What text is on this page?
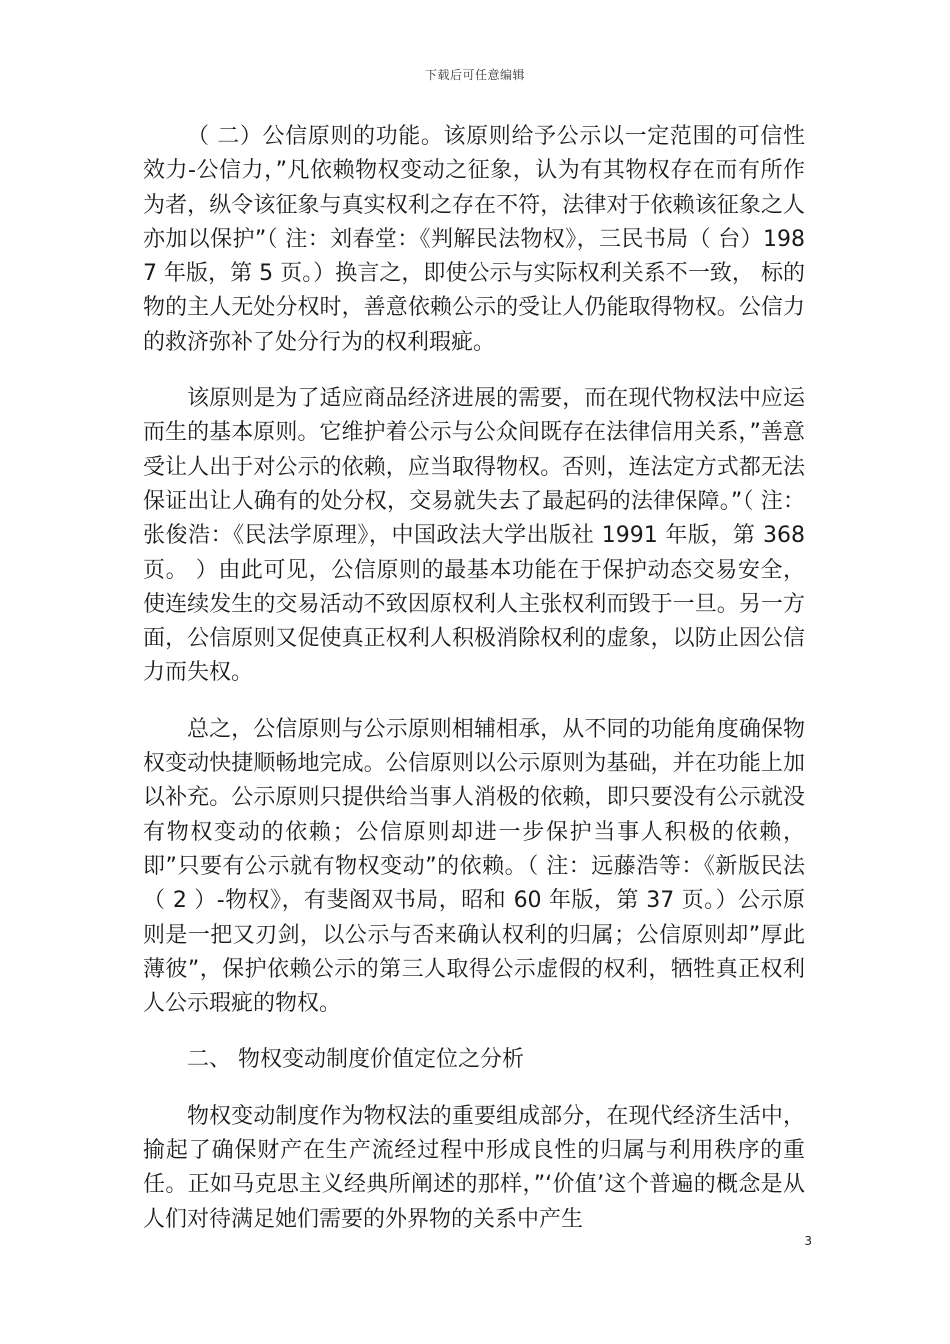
下载后可任意编辑

（ 二）公信原则的功能。该原则给予公示以一定范围的可信性效力-公信力，”凡依赖物权变动之征象，认为有其物权存在而有所作为者，纵令该征象与真实权利之存在不符，法律对于依赖该征象之人亦加以保护”（ 注：刘春堂：《判解民法物权》，三民书局（ 台）1987 年版，第 5 页。）换言之，即使公示与实际权利关系不一致， 标的物的主人无处分权时，善意依赖公示的受让人仍能取得物权。公信力的救济弥补了处分行为的权利瑕疵。

该原则是为了适应商品经济进展的需要，而在现代物权法中应运而生的基本原则。它维护着公示与公众间既存在法律信用关系，”善意受让人出于对公示的依赖，应当取得物权。否则，连法定方式都无法保证出让人确有的处分权，交易就失去了最起码的法律保障。”（ 注：张俊浩：《民法学原理》，中国政法大学出版社 1991 年版，第 368 页。 ）由此可见，公信原则的最基本功能在于保护动态交易安全，使连续发生的交易活动不致因原权利人主张权利而毁于一旦。另一方面，公信原则又促使真正权利人积极消除权利的虚象，以防止因公信力而失权。

总之，公信原则与公示原则相辅相承，从不同的功能角度确保物权变动快捷顺畅地完成。公信原则以公示原则为基础，并在功能上加以补充。公示原则只提供给当事人消极的依赖，即只要没有公示就没有物权变动的依赖；公信原则却进一步保护当事人积极的依赖，即”只要有公示就有物权变动”的依赖。（ 注：远藤浩等：《新版民法（ 2 ）-物权》，有斐阁双书局，昭和 60 年版，第 37 页。）公示原则是一把又刃剑，以公示与否来确认权利的归属；公信原则却”厚此薄彼”，保护依赖公示的第三人取得公示虚假的权利，牺牲真正权利人公示瑕疵的物权。

二、 物权变动制度价值定位之分析

物权变动制度作为物权法的重要组成部分，在现代经济生活中，揄起了确保财产在生产流经过程中形成良性的归属与利用秩序的重任。正如马克思主义经典所阐述的那样，”‘价值’这个普遍的概念是从人们对待满足她们需要的外界物的关系中产生

3
